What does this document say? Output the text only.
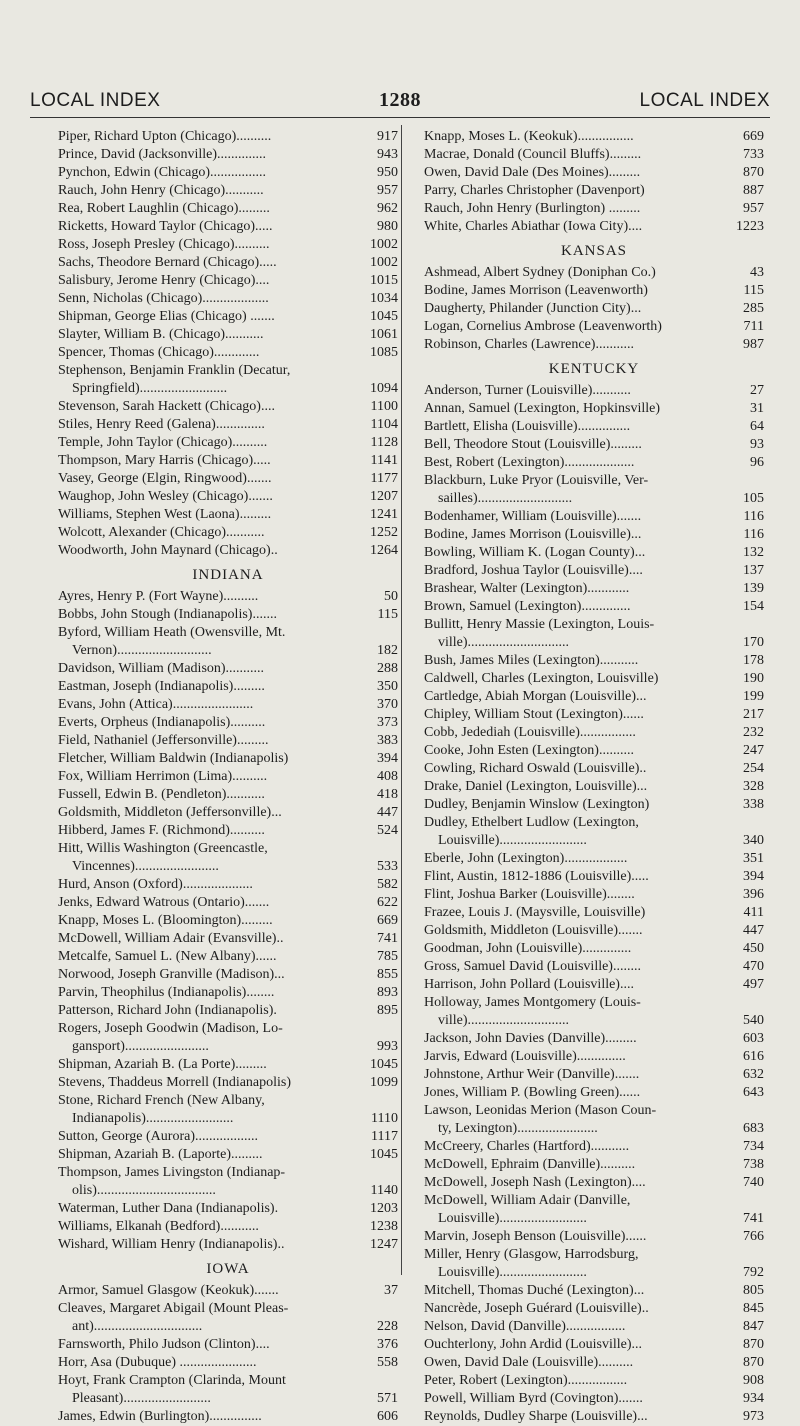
LOCAL INDEX	1288	LOCAL INDEX
Piper, Richard Upton (Chicago)..........	917
Prince, David (Jacksonville)..............	943
Pynchon, Edwin (Chicago)................	950
Rauch, John Henry (Chicago)...........	957
Rea, Robert Laughlin (Chicago).........	962
Ricketts, Howard Taylor (Chicago).....	980
Ross, Joseph Presley (Chicago)..........	1002
Sachs, Theodore Bernard (Chicago).....	1002
Salisbury, Jerome Henry (Chicago)....	1015
Senn, Nicholas (Chicago)...................	1034
Shipman, George Elias (Chicago) .......	1045
Slayter, William B. (Chicago)...........	1061
Spencer, Thomas (Chicago).............	1085
Stephenson, Benjamin Franklin (Decatur,
Springfield).........................	1094
Stevenson, Sarah Hackett (Chicago)....	1100
Stiles, Henry Reed (Galena)..............	1104
Temple, John Taylor (Chicago)..........	1128
Thompson, Mary Harris (Chicago).....	1141
Vasey, George (Elgin, Ringwood).......	1177
Waughop, John Wesley (Chicago).......	1207
Williams, Stephen West (Laona).........	1241
Wolcott, Alexander (Chicago)...........	1252
Woodworth, John Maynard (Chicago)..	1264
INDIANA
Ayres, Henry P. (Fort Wayne)..........	50
Bobbs, John Stough (Indianapolis).......	115
Byford, William Heath (Owensville, Mt.
Vernon)...........................	182
Davidson, William (Madison)...........	288
Eastman, Joseph (Indianapolis).........	350
Evans, John (Attica).......................	370
Everts, Orpheus (Indianapolis)..........	373
Field, Nathaniel (Jeffersonville).........	383
Fletcher, William Baldwin (Indianapolis)	394
Fox, William Herrimon (Lima)..........	408
Fussell, Edwin B. (Pendleton)...........	418
Goldsmith, Middleton (Jeffersonville)...	447
Hibberd, James F. (Richmond)..........	524
Hitt, Willis Washington (Greencastle,
Vincennes)........................	533
Hurd, Anson (Oxford)....................	582
Jenks, Edward Watrous (Ontario).......	622
Knapp, Moses L. (Bloomington).........	669
McDowell, William Adair (Evansville)..	741
Metcalfe, Samuel L. (New Albany)......	785
Norwood, Joseph Granville (Madison)...	855
Parvin, Theophilus (Indianapolis)........	893
Patterson, Richard John (Indianapolis).	895
Rogers, Joseph Goodwin (Madison, Lo-
gansport)........................	993
Shipman, Azariah B. (La Porte).........	1045
Stevens, Thaddeus Morrell (Indianapolis)	1099
Stone, Richard French (New Albany,
Indianapolis).........................	1110
Sutton, George (Aurora)..................	1117
Shipman, Azariah B. (Laporte).........	1045
Thompson, James Livingston (Indianap-
olis)..................................	1140
Waterman, Luther Dana (Indianapolis).	1203
Williams, Elkanah (Bedford)...........	1238
Wishard, William Henry (Indianapolis)..	1247
IOWA
Armor, Samuel Glasgow (Keokuk).......	37
Cleaves, Margaret Abigail (Mount Pleas-
ant)...............................	228
Farnsworth, Philo Judson (Clinton)....	376
Horr, Asa (Dubuque) ......................	558
Hoyt, Frank Crampton (Clarinda, Mount
Pleasant).........................	571
James, Edwin (Burlington)...............	606
Knapp, Moses L. (Keokuk)................	669
Macrae, Donald (Council Bluffs).........	733
Owen, David Dale (Des Moines).........	870
Parry, Charles Christopher (Davenport)	887
Rauch, John Henry (Burlington) .........	957
White, Charles Abiathar (Iowa City)....	1223
KANSAS
Ashmead, Albert Sydney (Doniphan Co.)	43
Bodine, James Morrison (Leavenworth)	115
Daugherty, Philander (Junction City)...	285
Logan, Cornelius Ambrose (Leavenworth)	711
Robinson, Charles (Lawrence)...........	987
KENTUCKY
Anderson, Turner (Louisville)...........	27
Annan, Samuel (Lexington, Hopkinsville)	31
Bartlett, Elisha (Louisville)...............	64
Bell, Theodore Stout (Louisville).........	93
Best, Robert (Lexington)....................	96
Blackburn, Luke Pryor (Louisville, Ver-
sailles)...........................	105
Bodenhamer, William (Louisville).......	116
Bodine, James Morrison (Louisville)...	116
Bowling, William K. (Logan County)...	132
Bradford, Joshua Taylor (Louisville)....	137
Brashear, Walter (Lexington)............	139
Brown, Samuel (Lexington)..............	154
Bullitt, Henry Massie (Lexington, Louis-
ville).............................	170
Bush, James Miles (Lexington)...........	178
Caldwell, Charles (Lexington, Louisville)	190
Cartledge, Abiah Morgan (Louisville)...	199
Chipley, William Stout (Lexington)......	217
Cobb, Jedediah (Louisville)................	232
Cooke, John Esten (Lexington)..........	247
Cowling, Richard Oswald (Louisville)..	254
Drake, Daniel (Lexington, Louisville)...	328
Dudley, Benjamin Winslow (Lexington)	338
Dudley, Ethelbert Ludlow (Lexington,
Louisville).........................	340
Eberle, John (Lexington)..................	351
Flint, Austin, 1812-1886 (Louisville).....	394
Flint, Joshua Barker (Louisville)........	396
Frazee, Louis J. (Maysville, Louisville)	411
Goldsmith, Middleton (Louisville).......	447
Goodman, John (Louisville)..............	450
Gross, Samuel David (Louisville)........	470
Harrison, John Pollard (Louisville)....	497
Holloway, James Montgomery (Louis-
ville).............................	540
Jackson, John Davies (Danville).........	603
Jarvis, Edward (Louisville)..............	616
Johnstone, Arthur Weir (Danville).......	632
Jones, William P. (Bowling Green)......	643
Lawson, Leonidas Merion (Mason Coun-
ty, Lexington).......................	683
McCreery, Charles (Hartford)...........	734
McDowell, Ephraim (Danville)..........	738
McDowell, Joseph Nash (Lexington)....	740
McDowell, William Adair (Danville,
Louisville).........................	741
Marvin, Joseph Benson (Louisville)......	766
Miller, Henry (Glasgow, Harrodsburg,
Louisville).........................	792
Mitchell, Thomas Duché (Lexington)...	805
Nancrède, Joseph Guérard (Louisville)..	845
Nelson, David (Danville).................	847
Ouchterlony, John Ardid (Louisville)...	870
Owen, David Dale (Louisville)..........	870
Peter, Robert (Lexington).................	908
Powell, William Byrd (Covington).......	934
Reynolds, Dudley Sharpe (Louisville)...	973
